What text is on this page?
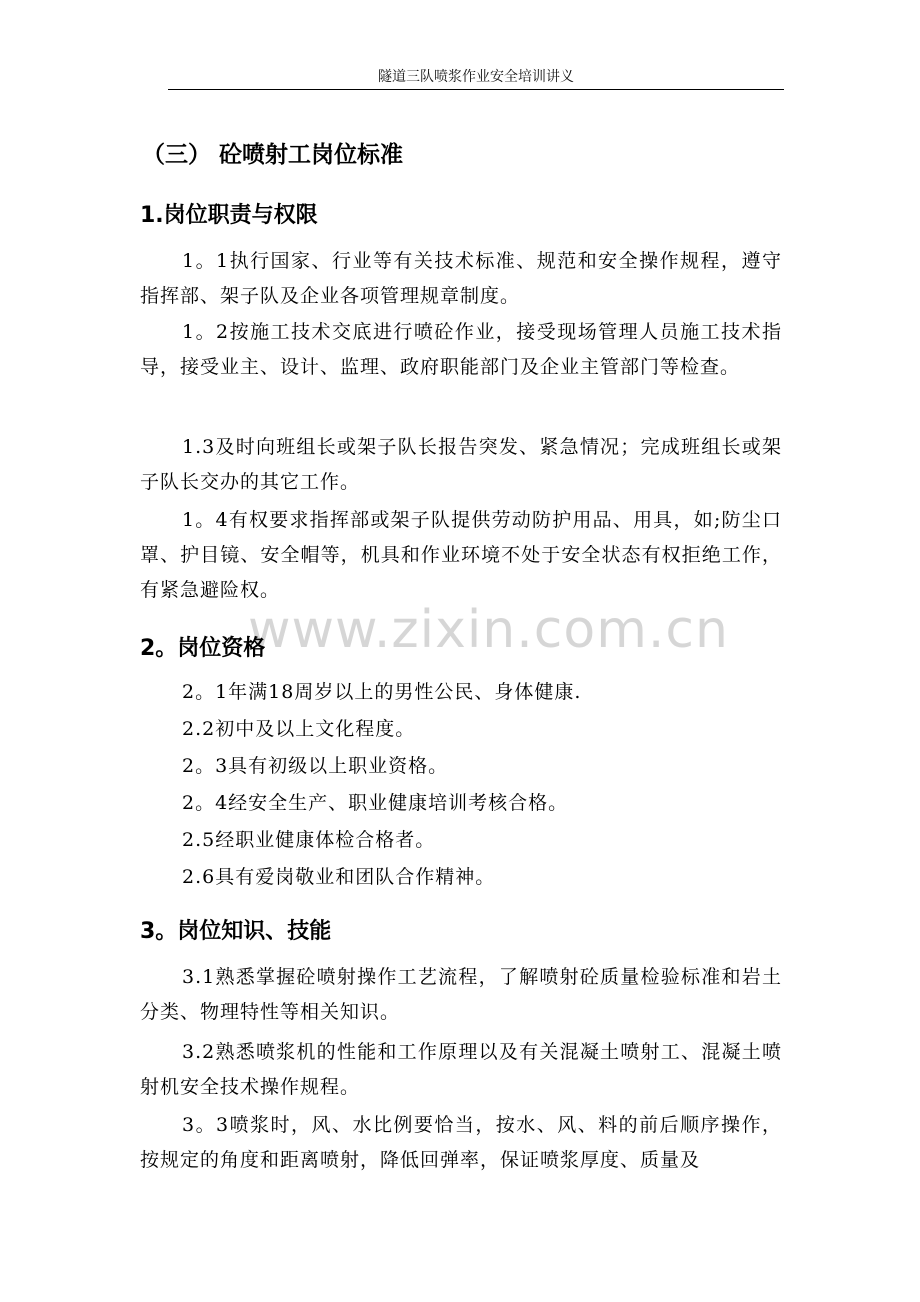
隧道三队喷浆作业安全培训讲义
（三） 砼喷射工岗位标准
1.岗位职责与权限
1。1执行国家、行业等有关技术标准、规范和安全操作规程，遵守指挥部、架子队及企业各项管理规章制度。
1。2按施工技术交底进行喷砼作业，接受现场管理人员施工技术指导，接受业主、设计、监理、政府职能部门及企业主管部门等检查。
1.3及时向班组长或架子队长报告突发、紧急情况；完成班组长或架子队长交办的其它工作。
1。4有权要求指挥部或架子队提供劳动防护用品、用具，如;防尘口罩、护目镜、安全帽等，机具和作业环境不处于安全状态有权拒绝工作，有紧急避险权。
www.zixin.com.cn
2。岗位资格
2。1年满18周岁以上的男性公民、身体健康.
2.2初中及以上文化程度。
2。3具有初级以上职业资格。
2。4经安全生产、职业健康培训考核合格。
2.5经职业健康体检合格者。
2.6具有爱岗敬业和团队合作精神。
3。岗位知识、技能
3.1熟悉掌握砼喷射操作工艺流程，了解喷射砼质量检验标准和岩土分类、物理特性等相关知识。
3.2熟悉喷浆机的性能和工作原理以及有关混凝土喷射工、混凝土喷射机安全技术操作规程。
3。3喷浆时，风、水比例要恰当，按水、风、料的前后顺序操作，按规定的角度和距离喷射，降低回弹率，保证喷浆厚度、质量及
